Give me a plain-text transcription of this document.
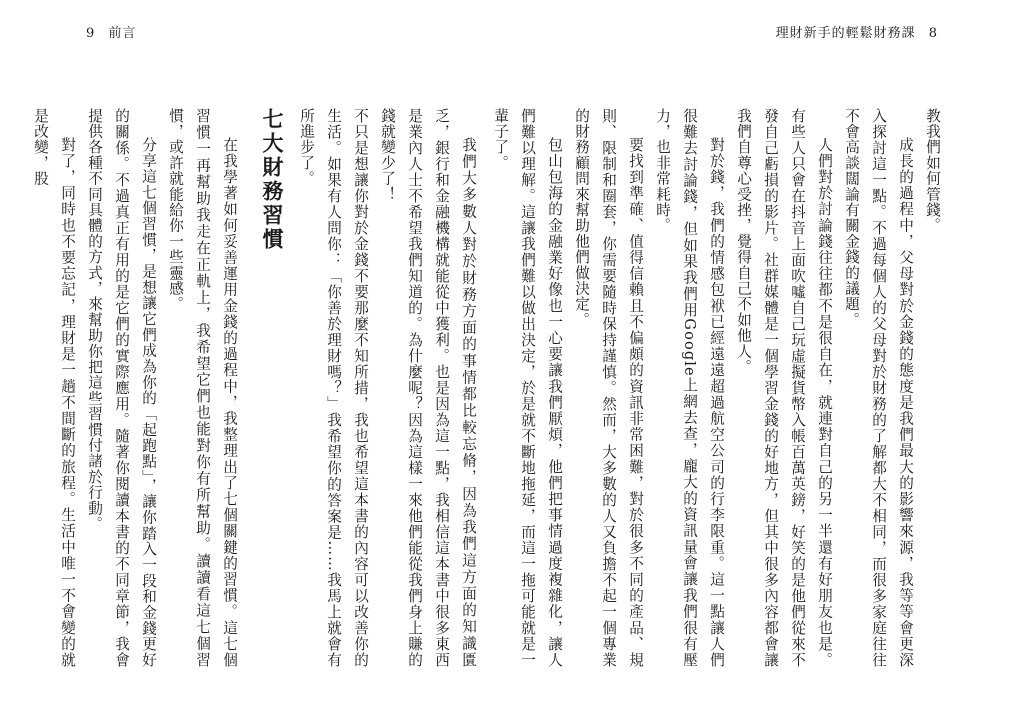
9 前言	理財新手的輕鬆財務課 8

教我們如何管錢。

成長的過程中，父母對於金錢的態度是我們最大的影響來源，我等等會更深入探討這一點。不過每個人的父母對於財務的了解都大不相同，而很多家庭往往不會高談闊論有關金錢的議題。

人們對於討論錢往往都不是很自在，就連對自己的另一半還有好朋友也是。有些人只會在抖音上面吹噓自己玩虛擬貨幣入帳百萬英鎊，好笑的是他們從來不發自己虧損的影片。社群媒體是一個學習金錢的好地方，但其中很多內容都會讓我們自尊心受挫，覺得自己不如他人。

對於錢，我們的情感包袱已經遠遠超過航空公司的行李限重。這一點讓人們很難去討論錢，但如果我們用Google上網去查，龐大的資訊量會讓我們很有壓力，也非常耗時。

要找到準確、值得信賴且不偏頗的資訊非常困難，對於很多不同的產品、規則、限制和圈套，你需要隨時保持謹慎。然而，大多數的人又負擔不起一個專業的財務顧問來幫助他們做決定。

包山包海的金融業好像也一心要讓我們厭煩，他們把事情過度複雜化，讓人們難以理解。這讓我們難以做出決定，於是就不斷地拖延，而這一拖可能就是一輩子了。

我們大多數人對於財務方面的事情都比較忘脩，因為我們這方面的知識匱乏，銀行和金融機構就能從中獲利。也是因為這一點，我相信這本書中很多東西是業內人士不希望我們知道的。為什麼呢？因為這樣一來他們能從我們身上賺的錢就變少了！

不只是想讓你對於金錢不要那麼不知所措，我也希望這本書的內容可以改善你的生活。如果有人問你：「你善於理財嗎？」我希望你的答案是……我馬上就會有所進步了。

七大財務習慣

在我學著如何妥善運用金錢的過程中，我整理出了七個關鍵的習慣。這七個習慣一再幫助我走在正軌上，我希望它們也能對你有所幫助。讀讀看這七個習慣，或許就能給你一些靈感。

分享這七個習慣，是想讓它們成為你的「起跑點」，讓你踏入一段和金錢更好的關係。不過真正有用的是它們的實際應用。隨著你閱讀本書的不同章節，我會提供各種不同具體的方式，來幫助你把這些習慣付諸於行動。

對了，同時也不要忘記，理財是一趟不間斷的旅程。生活中唯一不會變的就是改變，股
